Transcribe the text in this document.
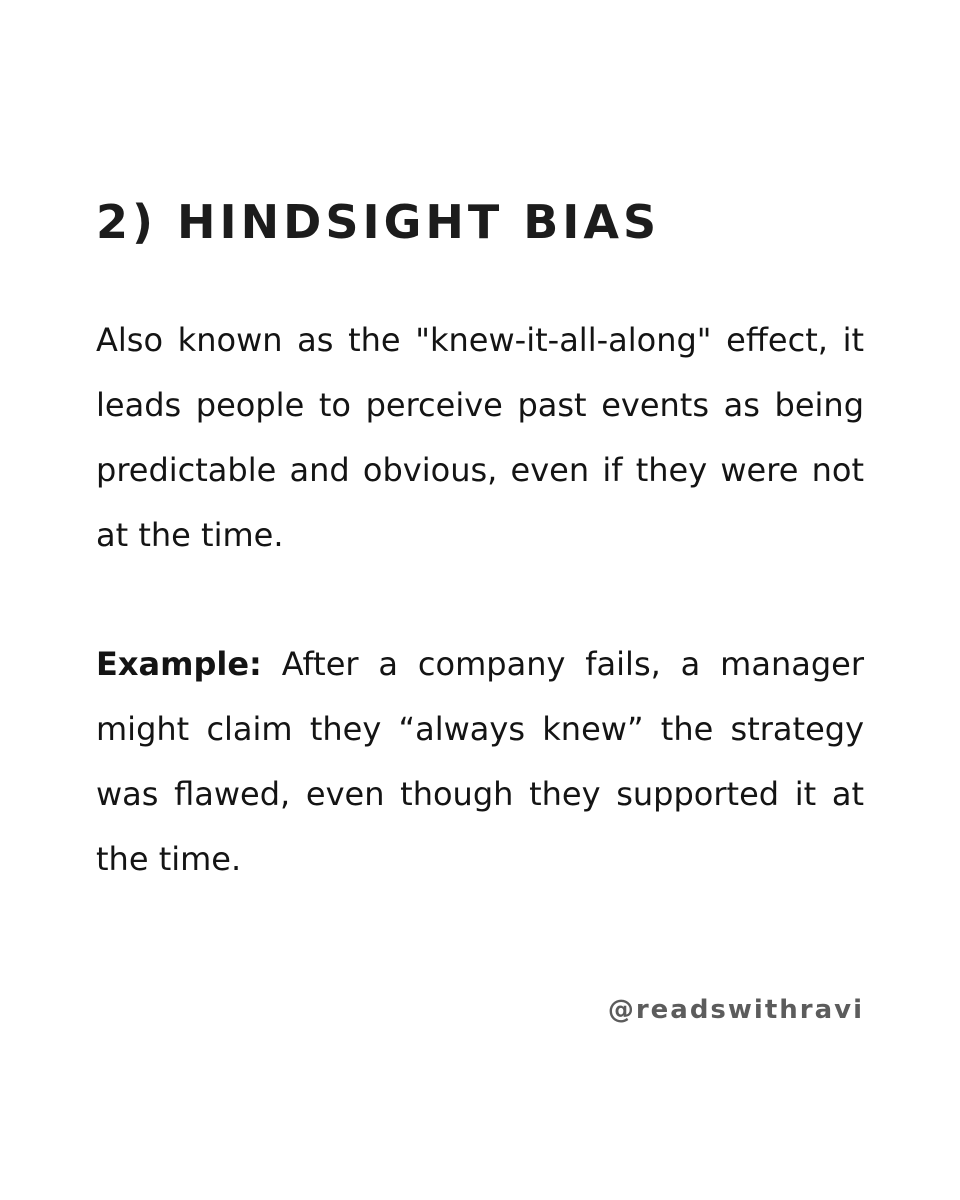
2) HINDSIGHT BIAS

Also known as the "knew-it-all-along" effect, it leads people to perceive past events as being predictable and obvious, even if they were not at the time.

Example: After a company fails, a manager might claim they “always knew” the strategy was flawed, even though they supported it at the time.

@readswithravi
